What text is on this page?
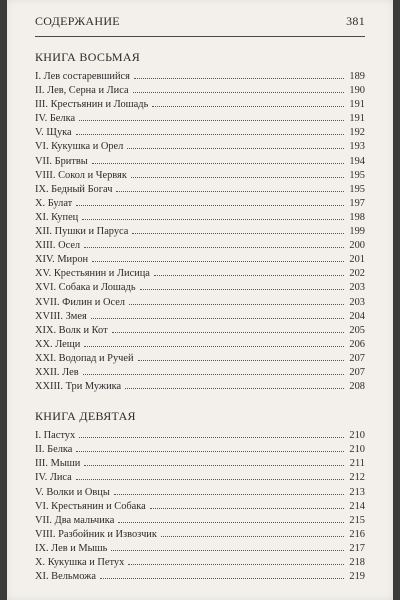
СОДЕРЖАНИЕ	381
КНИГА ВОСЬМАЯ
I. Лев состаревшийся	189
II. Лев, Серна и Лиса	190
III. Крестьянин и Лошадь	191
IV. Белка	191
V. Щука	192
VI. Кукушка и Орел	193
VII. Бритвы	194
VIII. Сокол и Червяк	195
IX. Бедный Богач	195
X. Булат	197
XI. Купец	198
XII. Пушки и Паруса	199
XIII. Осел	200
XIV. Мирон	201
XV. Крестьянин и Лисица	202
XVI. Собака и Лошадь	203
XVII. Филин и Осел	203
XVIII. Змея	204
XIX. Волк и Кот	205
XX. Лещи	206
XXI. Водопад и Ручей	207
XXII. Лев	207
XXIII. Три Мужика	208
КНИГА ДЕВЯТАЯ
I. Пастух	210
II. Белка	210
III. Мыши	211
IV. Лиса	212
V. Волки и Овцы	213
VI. Крестьянин и Собака	214
VII. Два мальчика	215
VIII. Разбойник и Извозчик	216
IX. Лев и Мышь	217
X. Кукушка и Петух	218
XI. Вельможа	219
